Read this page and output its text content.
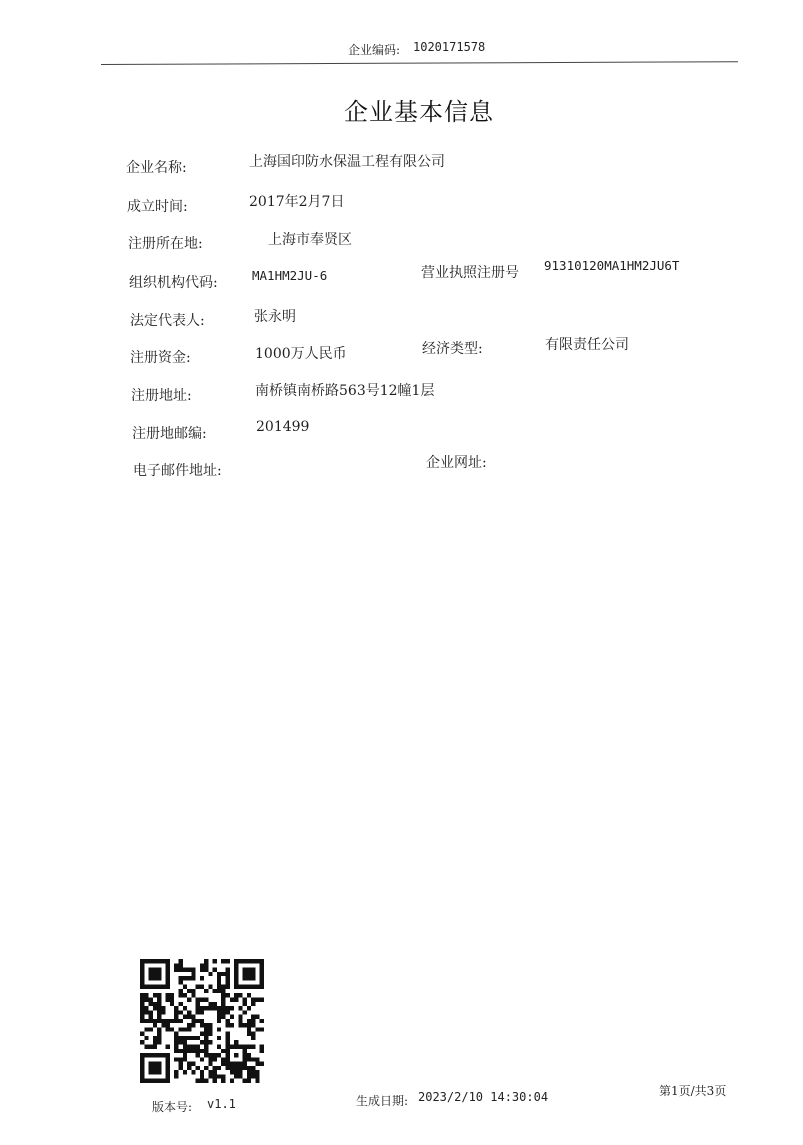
企业编码: 1020171578
企业基本信息
企业名称:	上海国印防水保温工程有限公司
成立时间:	2017年2月7日
注册所在地:	上海市奉贤区
组织机构代码:	MA1HM2JU-6	营业执照注册号 91310120MA1HM2JU6T
法定代表人:	张永明
注册资金:	1000万人民币	经济类型:	有限责任公司
注册地址:	南桥镇南桥路563号12幢1层
注册地邮编:	201499
电子邮件地址:	企业网址:
版本号: v1.1	生成日期: 2023/2/10 14:30:04	第1页/共3页
